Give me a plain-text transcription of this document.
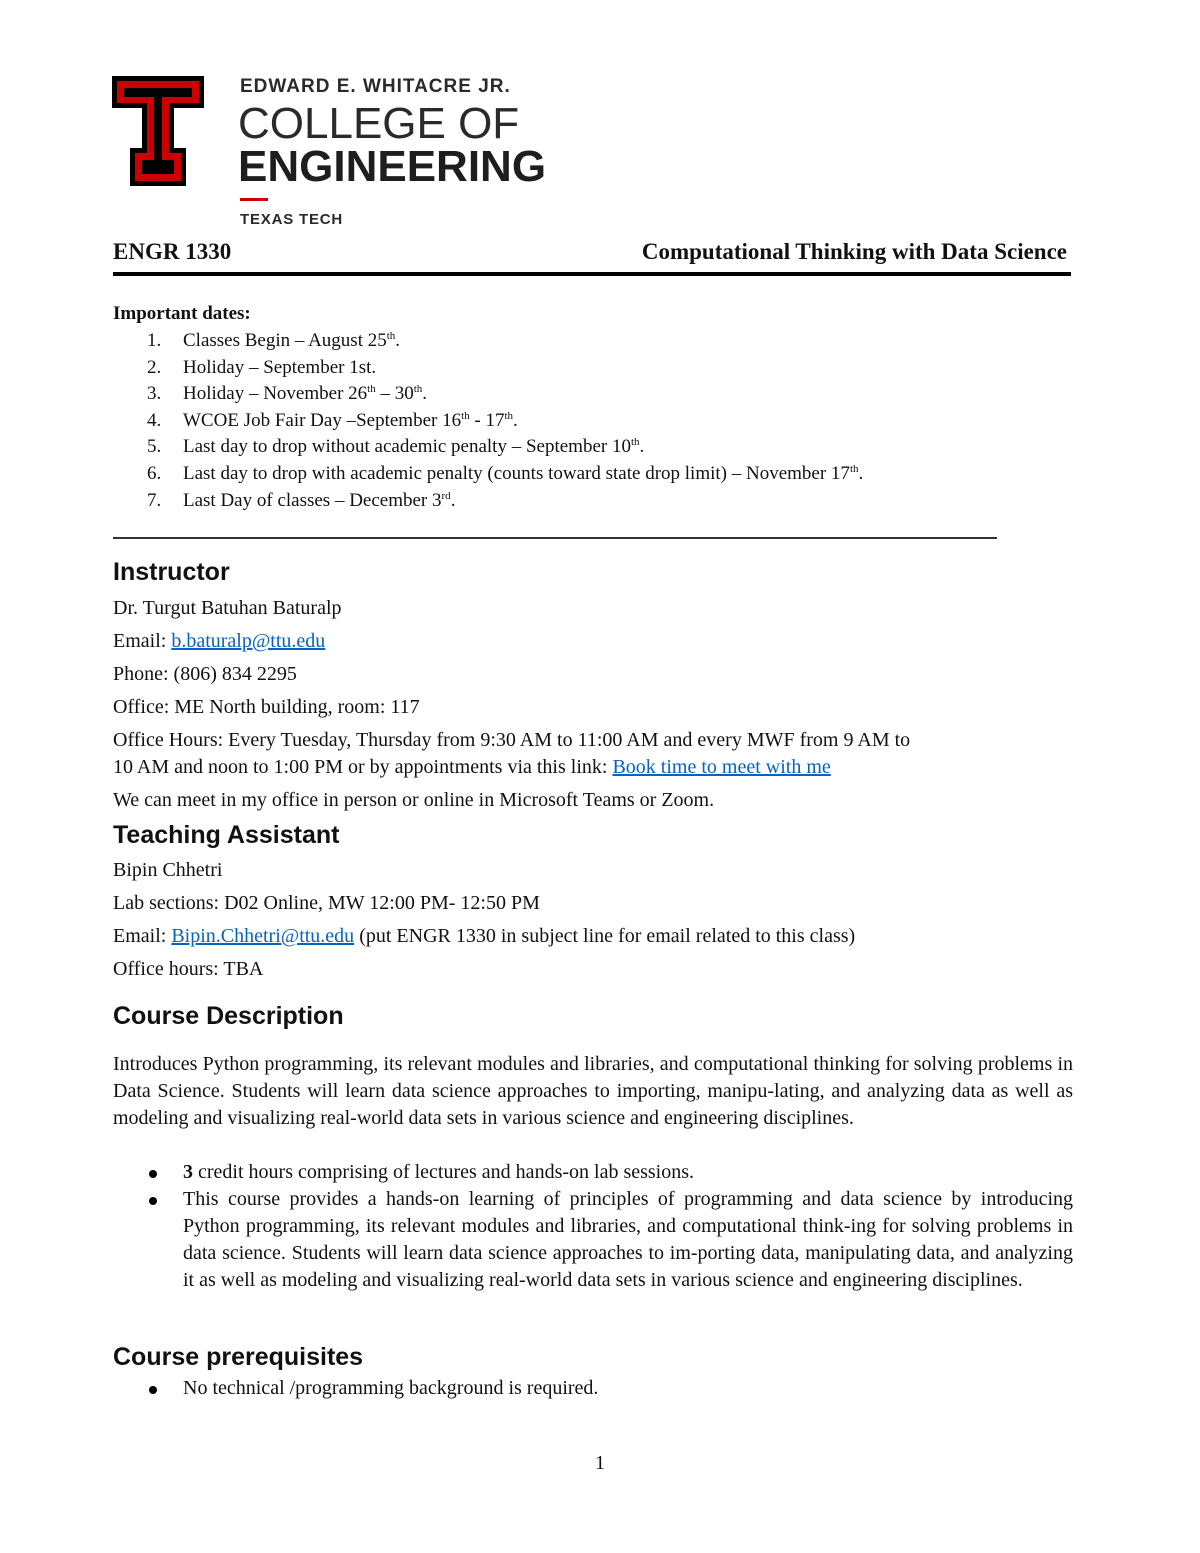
EDWARD E. WHITACRE JR.
COLLEGE OF
ENGINEERING
TEXAS TECH
ENGR 1330	Computational Thinking with Data Science
Important dates:
1. Classes Begin – August 25th.
2. Holiday – September 1st.
3. Holiday – November 26th – 30th.
4. WCOE Job Fair Day –September 16th - 17th.
5. Last day to drop without academic penalty – September 10th.
6. Last day to drop with academic penalty (counts toward state drop limit) – November 17th.
7. Last Day of classes – December 3rd.
Instructor
Dr. Turgut Batuhan Baturalp
Email: b.baturalp@ttu.edu
Phone: (806) 834 2295
Office: ME North building, room: 117
Office Hours: Every Tuesday, Thursday from 9:30 AM to 11:00 AM and every MWF from 9 AM to
10 AM and noon to 1:00 PM or by appointments via this link: Book time to meet with me
We can meet in my office in person or online in Microsoft Teams or Zoom.
Teaching Assistant
Bipin Chhetri
Lab sections: D02 Online, MW 12:00 PM- 12:50 PM
Email: Bipin.Chhetri@ttu.edu (put ENGR 1330 in subject line for email related to this class)
Office hours: TBA
Course Description
Introduces Python programming, its relevant modules and libraries, and computational thinking for solving problems in Data Science. Students will learn data science approaches to importing, manipu-lating, and analyzing data as well as modeling and visualizing real-world data sets in various science and engineering disciplines.
3 credit hours comprising of lectures and hands-on lab sessions.
This course provides a hands-on learning of principles of programming and data science by introducing Python programming, its relevant modules and libraries, and computational think-ing for solving problems in data science. Students will learn data science approaches to im-porting data, manipulating data, and analyzing it as well as modeling and visualizing real-world data sets in various science and engineering disciplines.
Course prerequisites
No technical /programming background is required.
1
